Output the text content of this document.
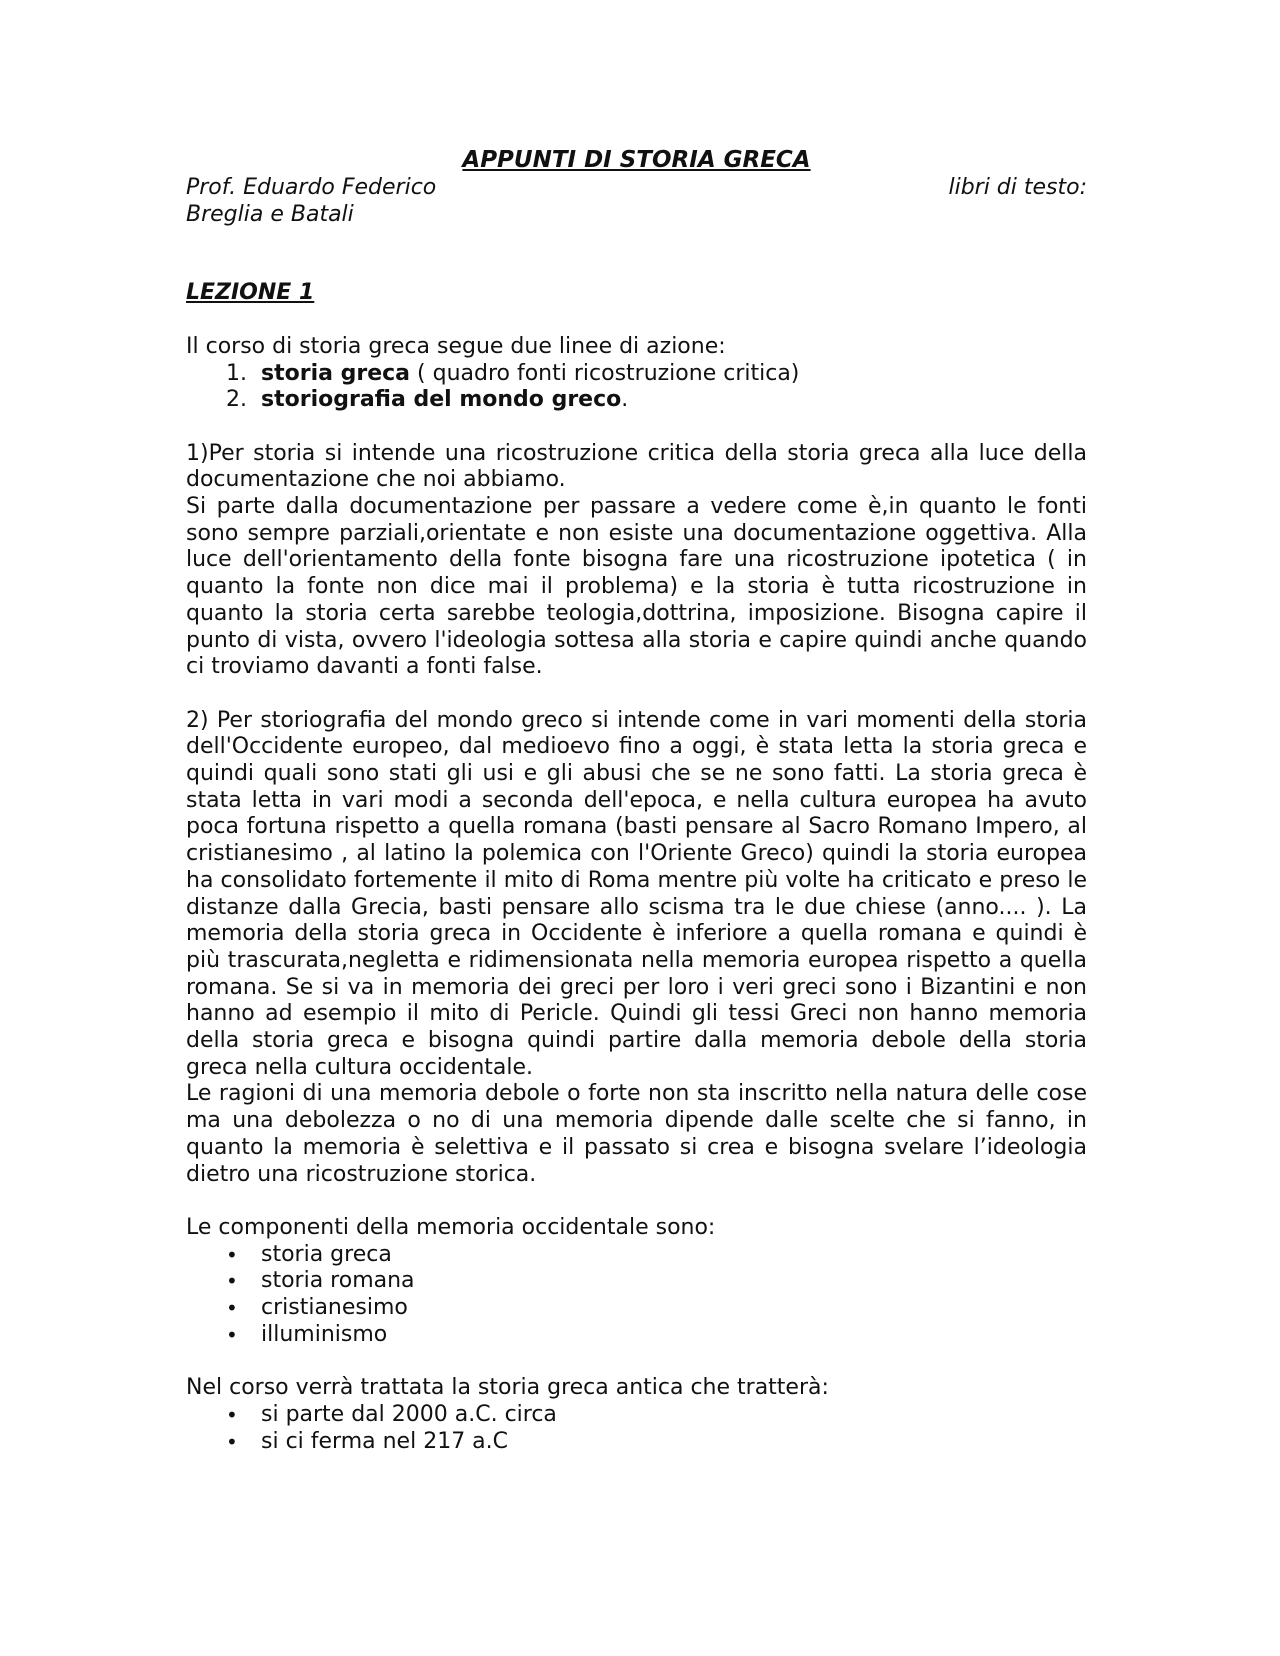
APPUNTI DI STORIA GRECA

Prof. Eduardo Federico	libri di testo:

Breglia e Batali

LEZIONE 1

Il corso di storia greca segue due linee di azione:

1. storia greca ( quadro fonti ricostruzione critica)
2. storiografia del mondo greco.

1)Per storia si intende una ricostruzione critica della storia greca alla luce della documentazione che noi abbiamo.

Si parte dalla documentazione per passare a vedere come è,in quanto le fonti sono sempre parziali,orientate e non esiste una documentazione oggettiva. Alla luce dell'orientamento della fonte bisogna fare una ricostruzione ipotetica ( in quanto la fonte non dice mai il problema) e la storia è tutta ricostruzione in quanto la storia certa sarebbe teologia,dottrina, imposizione. Bisogna capire il punto di vista, ovvero l'ideologia sottesa alla storia e capire quindi anche quando ci troviamo davanti a fonti false.

2) Per storiografia del mondo greco si intende come in vari momenti della storia dell'Occidente europeo, dal medioevo fino a oggi, è stata letta la storia greca e quindi quali sono stati gli usi e gli abusi che se ne sono fatti. La storia greca è stata letta in vari modi a seconda dell'epoca, e nella cultura europea ha avuto poca fortuna rispetto a quella romana (basti pensare al Sacro Romano Impero, al cristianesimo , al latino la polemica con l'Oriente Greco) quindi la storia europea ha consolidato fortemente il mito di Roma mentre più volte ha criticato e preso le distanze dalla Grecia, basti pensare allo scisma tra le due chiese (anno.... ). La memoria della storia greca in Occidente è inferiore a quella romana e quindi è più trascurata,negletta e ridimensionata nella memoria europea rispetto a quella romana. Se si va in memoria dei greci per loro i veri greci sono i Bizantini e non hanno ad esempio il mito di Pericle. Quindi gli tessi Greci non hanno memoria della storia greca e bisogna quindi partire dalla memoria debole della storia greca nella cultura occidentale.

Le ragioni di una memoria debole o forte non sta inscritto nella natura delle cose ma una debolezza o no di una memoria dipende dalle scelte che si fanno, in quanto la memoria è selettiva e il passato si crea e bisogna svelare l’ideologia dietro una ricostruzione storica.

Le componenti della memoria occidentale sono:

• storia greca
• storia romana
• cristianesimo
• illuminismo

Nel corso verrà trattata la storia greca antica che tratterà:

• si parte dal 2000 a.C. circa
• si ci ferma nel 217 a.C
